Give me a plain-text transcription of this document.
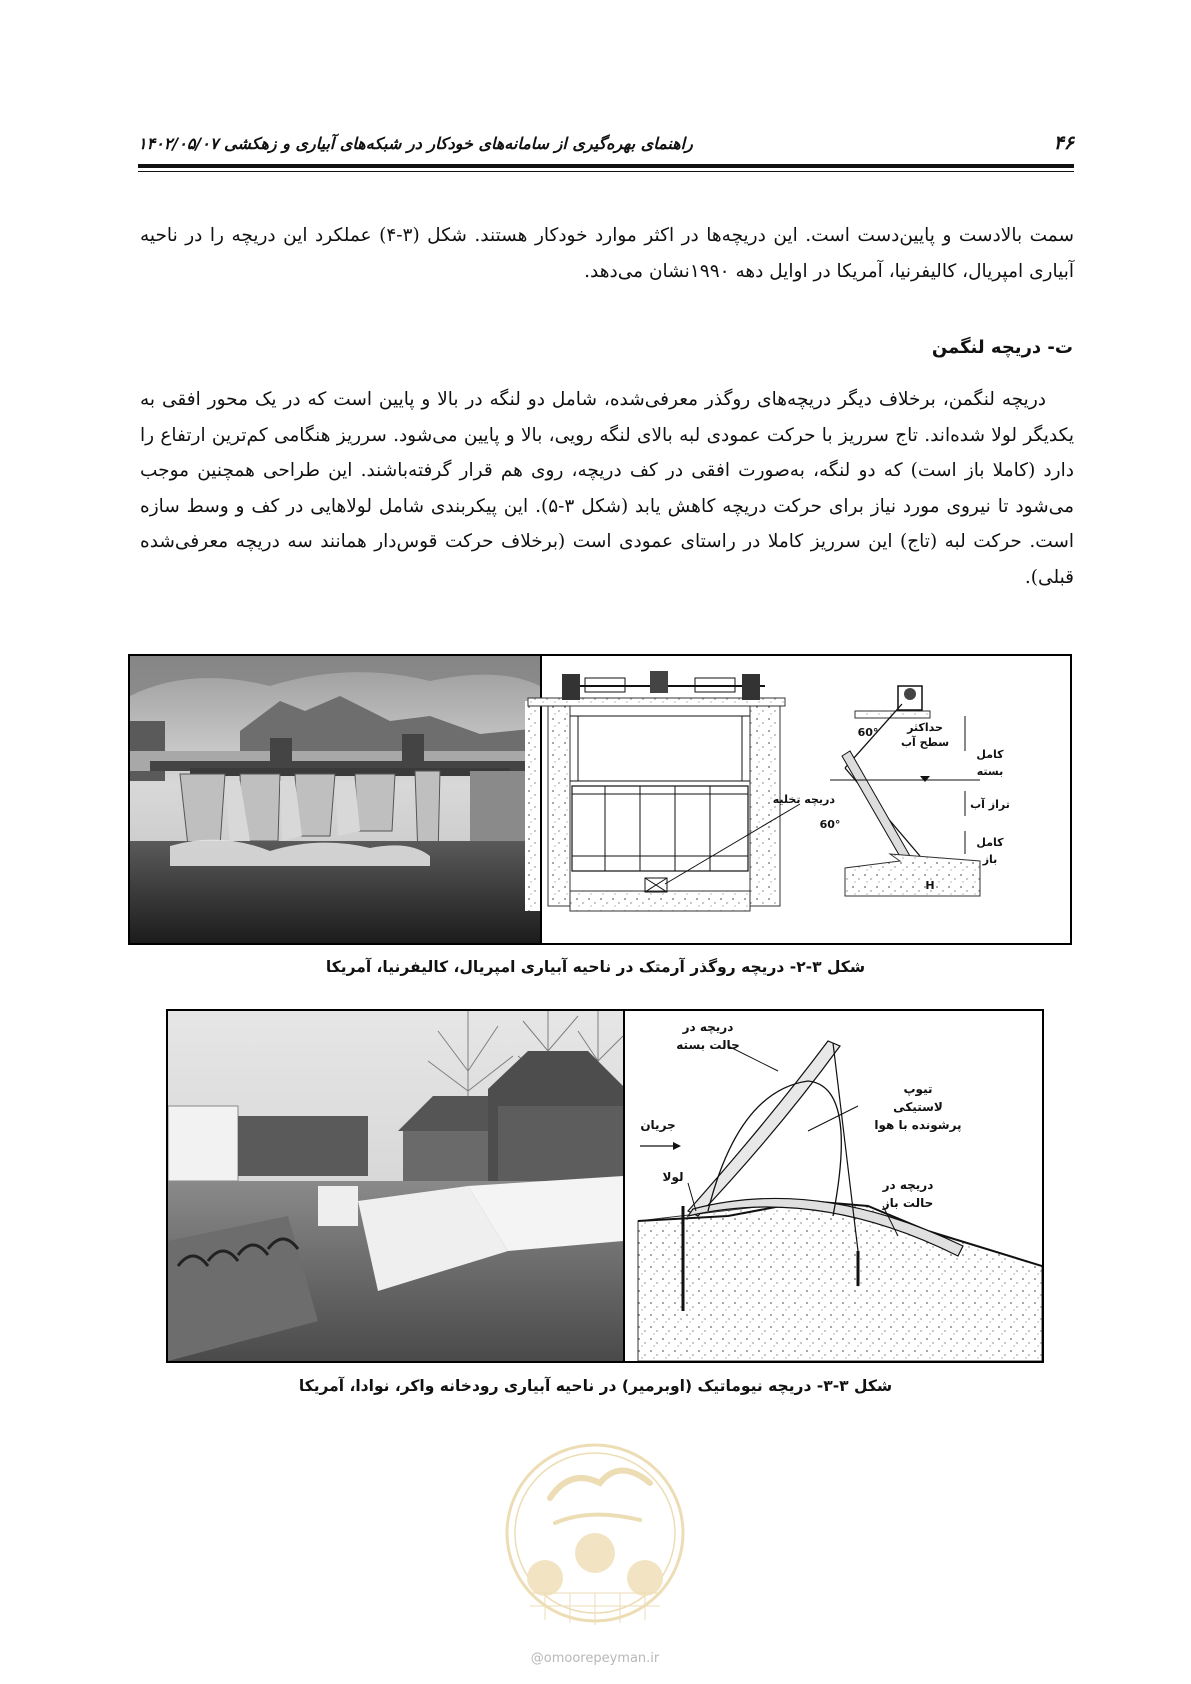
۴۶
راهنمای بهره‌گیری از سامانه‌های خودکار در شبکه‌های آبیاری و زهکشی ۱۴۰۲/۰۵/۰۷
سمت بالادست و پایین‌دست است. این دریچه‌ها در اکثر موارد خودکار هستند. شکل (۳-۴) عملکرد این دریچه را در ناحیه آبیاری امپریال، کالیفرنیا، آمریکا در اوایل دهه ۱۹۹۰نشان می‌دهد.
ت- دریچه لنگمن
دریچه لنگمن، برخلاف دیگر دریچه‌های روگذر معرفی‌شده، شامل دو لنگه در بالا و پایین است که در یک محور افقی به یکدیگر لولا شده‌اند. تاج سرریز با حرکت عمودی لبه بالای لنگه رویی، بالا و پایین می‌شود. سرریز هنگامی کم‌ترین ارتفاع را دارد (کاملا باز است) که دو لنگه، به‌صورت افقی در کف دریچه، روی هم قرار گرفته‌باشند. این طراحی همچنین موجب می‌شود تا نیروی مورد نیاز برای حرکت دریچه کاهش یابد (شکل ۳-۵). این پیکربندی شامل لولاهایی در کف و وسط سازه است. حرکت لبه (تاج) این سرریز کاملا در راستای عمودی است (برخلاف حرکت قوس‌دار همانند سه دریچه معرفی‌شده قبلی).
دریچه تخلیه
60°
60°
H
حداکثر
سطح آب
کامل
بسته
تراز آب
کامل
باز
شکل ۳-۲- دریچه روگذر آرمتک در ناحیه آبیاری امپریال، کالیفرنیا، آمریکا
دریچه در
حالت بسته
تیوپ
لاستیکی
پرشونده با هوا
جریان
لولا
دریچه در
حالت باز
شکل ۳-۳- دریچه نیوماتیک (اوبرمیر) در ناحیه آبیاری رودخانه واکر، نوادا، آمریکا
امورپیمان
@omoorepeyman.ir
